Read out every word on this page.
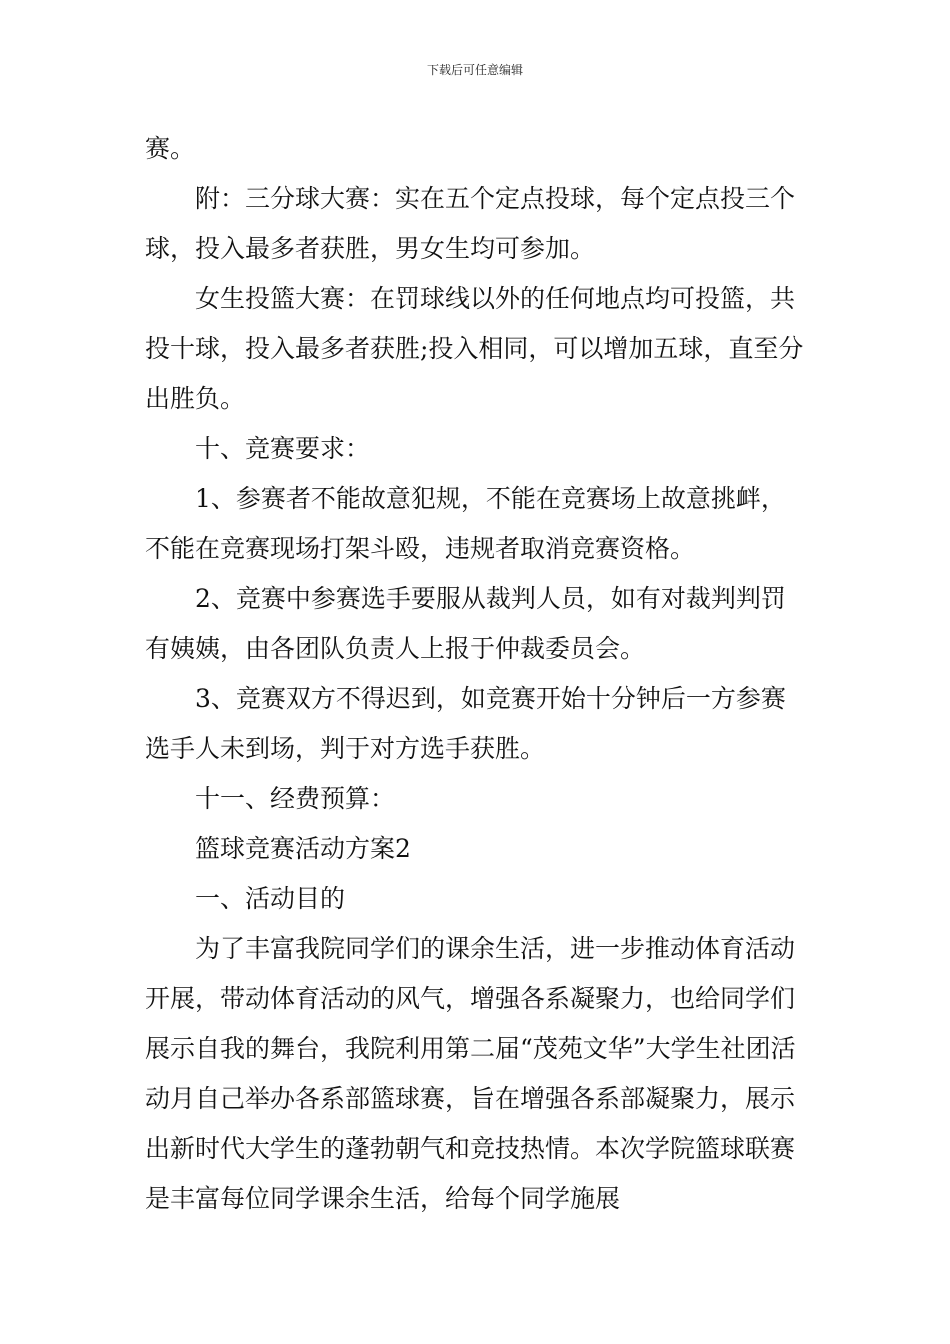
下载后可任意编辑

赛。

附：三分球大赛：实在五个定点投球，每个定点投三个球，投入最多者获胜，男女生均可参加。

女生投篮大赛：在罚球线以外的任何地点均可投篮，共投十球，投入最多者获胜;投入相同，可以增加五球，直至分出胜负。

十、竞赛要求：

1、参赛者不能故意犯规，不能在竞赛场上故意挑衅，不能在竞赛现场打架斗殴，违规者取消竞赛资格。

2、竞赛中参赛选手要服从裁判人员，如有对裁判判罚有姨姨，由各团队负责人上报于仲裁委员会。

3、竞赛双方不得迟到，如竞赛开始十分钟后一方参赛选手人未到场，判于对方选手获胜。

十一、经费预算：

篮球竞赛活动方案2

一、活动目的

为了丰富我院同学们的课余生活，进一步推动体育活动开展，带动体育活动的风气，增强各系凝聚力，也给同学们展示自我的舞台，我院利用第二届“茂苑文华”大学生社团活动月自己举办各系部篮球赛，旨在增强各系部凝聚力，展示出新时代大学生的蓬勃朝气和竞技热情。本次学院篮球联赛是丰富每位同学课余生活，给每个同学施展
